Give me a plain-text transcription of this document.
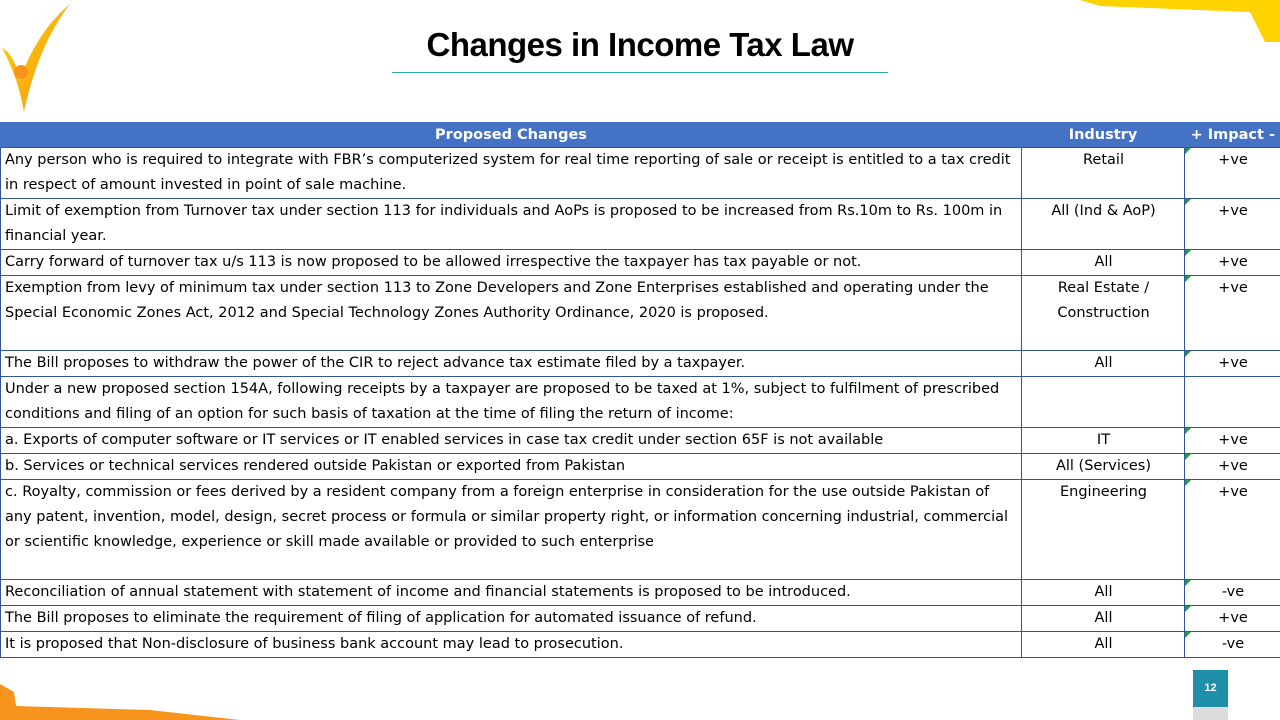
Changes in Income Tax Law
Proposed Changes	Industry	+ Impact -
Any person who is required to integrate with FBR’s computerized system for real time reporting of sale or receipt is entitled to a tax credit in respect of amount invested in point of sale machine.	Retail	+ve
Limit of exemption from Turnover tax under section 113 for individuals and AoPs is proposed to be increased from Rs.10m to Rs. 100m in financial year.	All (Ind & AoP)	+ve
Carry forward of turnover tax u/s 113 is now proposed to be allowed irrespective the taxpayer has tax payable or not.	All	+ve
Exemption from levy of minimum tax under section 113 to Zone Developers and Zone Enterprises established and operating under the Special Economic Zones Act, 2012 and Special Technology Zones Authority Ordinance, 2020 is proposed.	Real Estate / Construction	+ve
The Bill proposes to withdraw the power of the CIR to reject advance tax estimate filed by a taxpayer.	All	+ve
Under a new proposed section 154A, following receipts by a taxpayer are proposed to be taxed at 1%, subject to fulfilment of prescribed conditions and filing of an option for such basis of taxation at the time of filing the return of income:		
a. Exports of computer software or IT services or IT enabled services in case tax credit under section 65F is not available	IT	+ve
b. Services or technical services rendered outside Pakistan or exported from Pakistan	All (Services)	+ve
c. Royalty, commission or fees derived by a resident company from a foreign enterprise in consideration for the use outside Pakistan of any patent, invention, model, design, secret process or formula or similar property right, or information concerning industrial, commercial or scientific knowledge, experience or skill made available or provided to such enterprise	Engineering	+ve
Reconciliation of annual statement with statement of income and financial statements is proposed to be introduced.	All	-ve
The Bill proposes to eliminate the requirement of filing of application for automated issuance of refund.	All	+ve
It is proposed that Non-disclosure of business bank account may lead to prosecution.	All	-ve
12
